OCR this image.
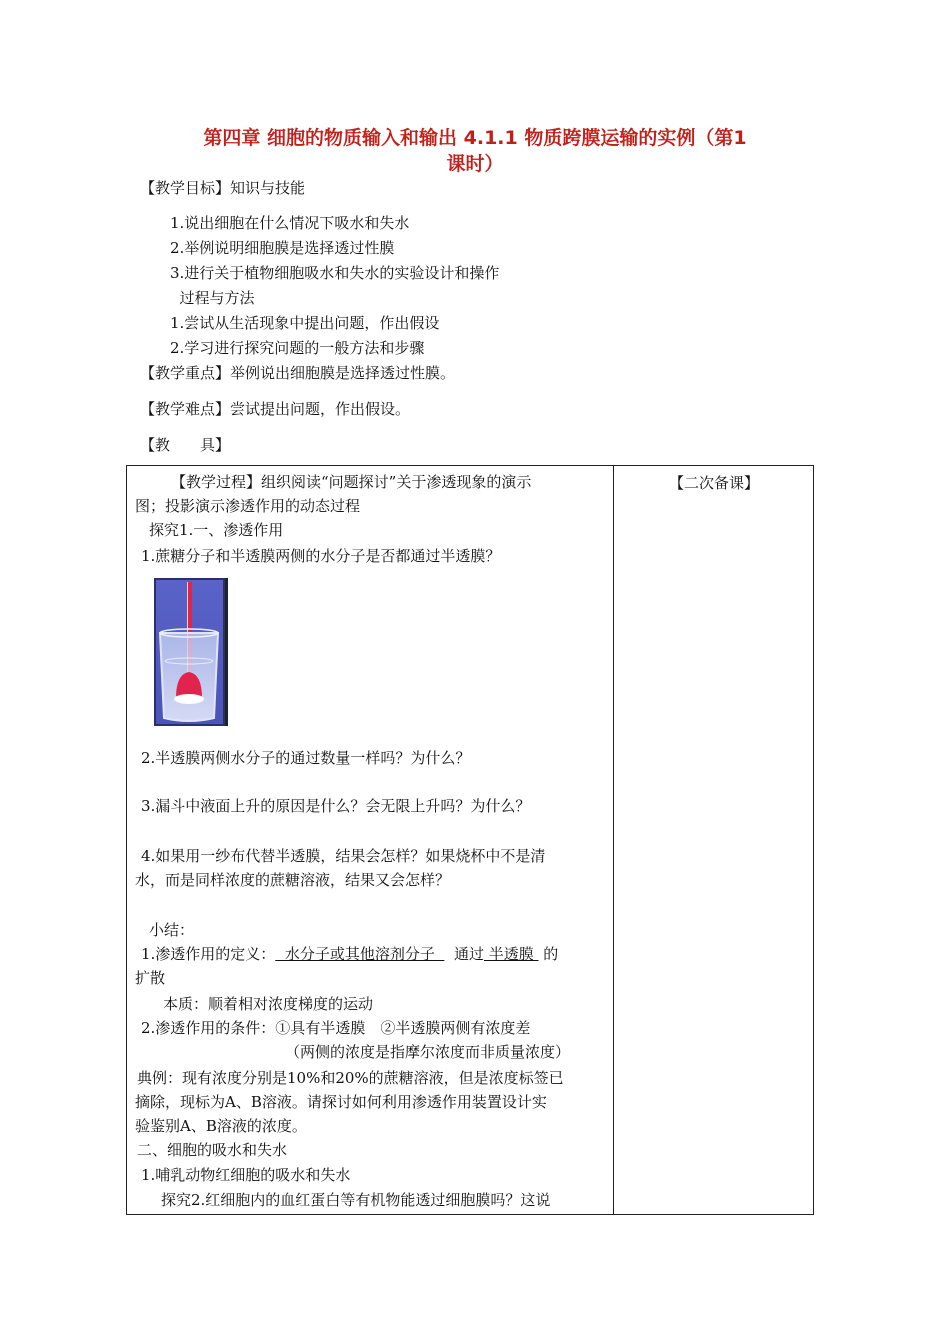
第四章 细胞的物质输入和输出 4.1.1 物质跨膜运输的实例（第1
课时）
【教学目标】知识与技能
1.说出细胞在什么情况下吸水和失水
2.举例说明细胞膜是选择透过性膜
3.进行关于植物细胞吸水和失水的实验设计和操作
过程与方法
1.尝试从生活现象中提出问题，作出假设
2.学习进行探究问题的一般方法和步骤
【教学重点】举例说出细胞膜是选择透过性膜。
【教学难点】尝试提出问题，作出假设。
【教　　具】
【二次备课】
【教学过程】组织阅读“问题探讨”关于渗透现象的演示
图；投影演示渗透作用的动态过程
探究1.一、渗透作用
1.蔗糖分子和半透膜两侧的水分子是否都通过半透膜？
2.半透膜两侧水分子的通过数量一样吗？为什么？
3.漏斗中液面上升的原因是什么？会无限上升吗？为什么？
4.如果用一纱布代替半透膜，结果会怎样？如果烧杯中不是清
水，而是同样浓度的蔗糖溶液，结果又会怎样？
小结：
1.渗透作用的定义：  水分子或其他溶剂分子    通过 半透膜  的
扩散
本质：顺着相对浓度梯度的运动
2.渗透作用的条件：①具有半透膜　②半透膜两侧有浓度差
（两侧的浓度是指摩尔浓度而非质量浓度）
典例：现有浓度分别是10%和20%的蔗糖溶液，但是浓度标签已
摘除，现标为A、B溶液。请探讨如何利用渗透作用装置设计实
验鉴别A、B溶液的浓度。
二、细胞的吸水和失水
1.哺乳动物红细胞的吸水和失水
探究2.红细胞内的血红蛋白等有机物能透过细胞膜吗？这说
